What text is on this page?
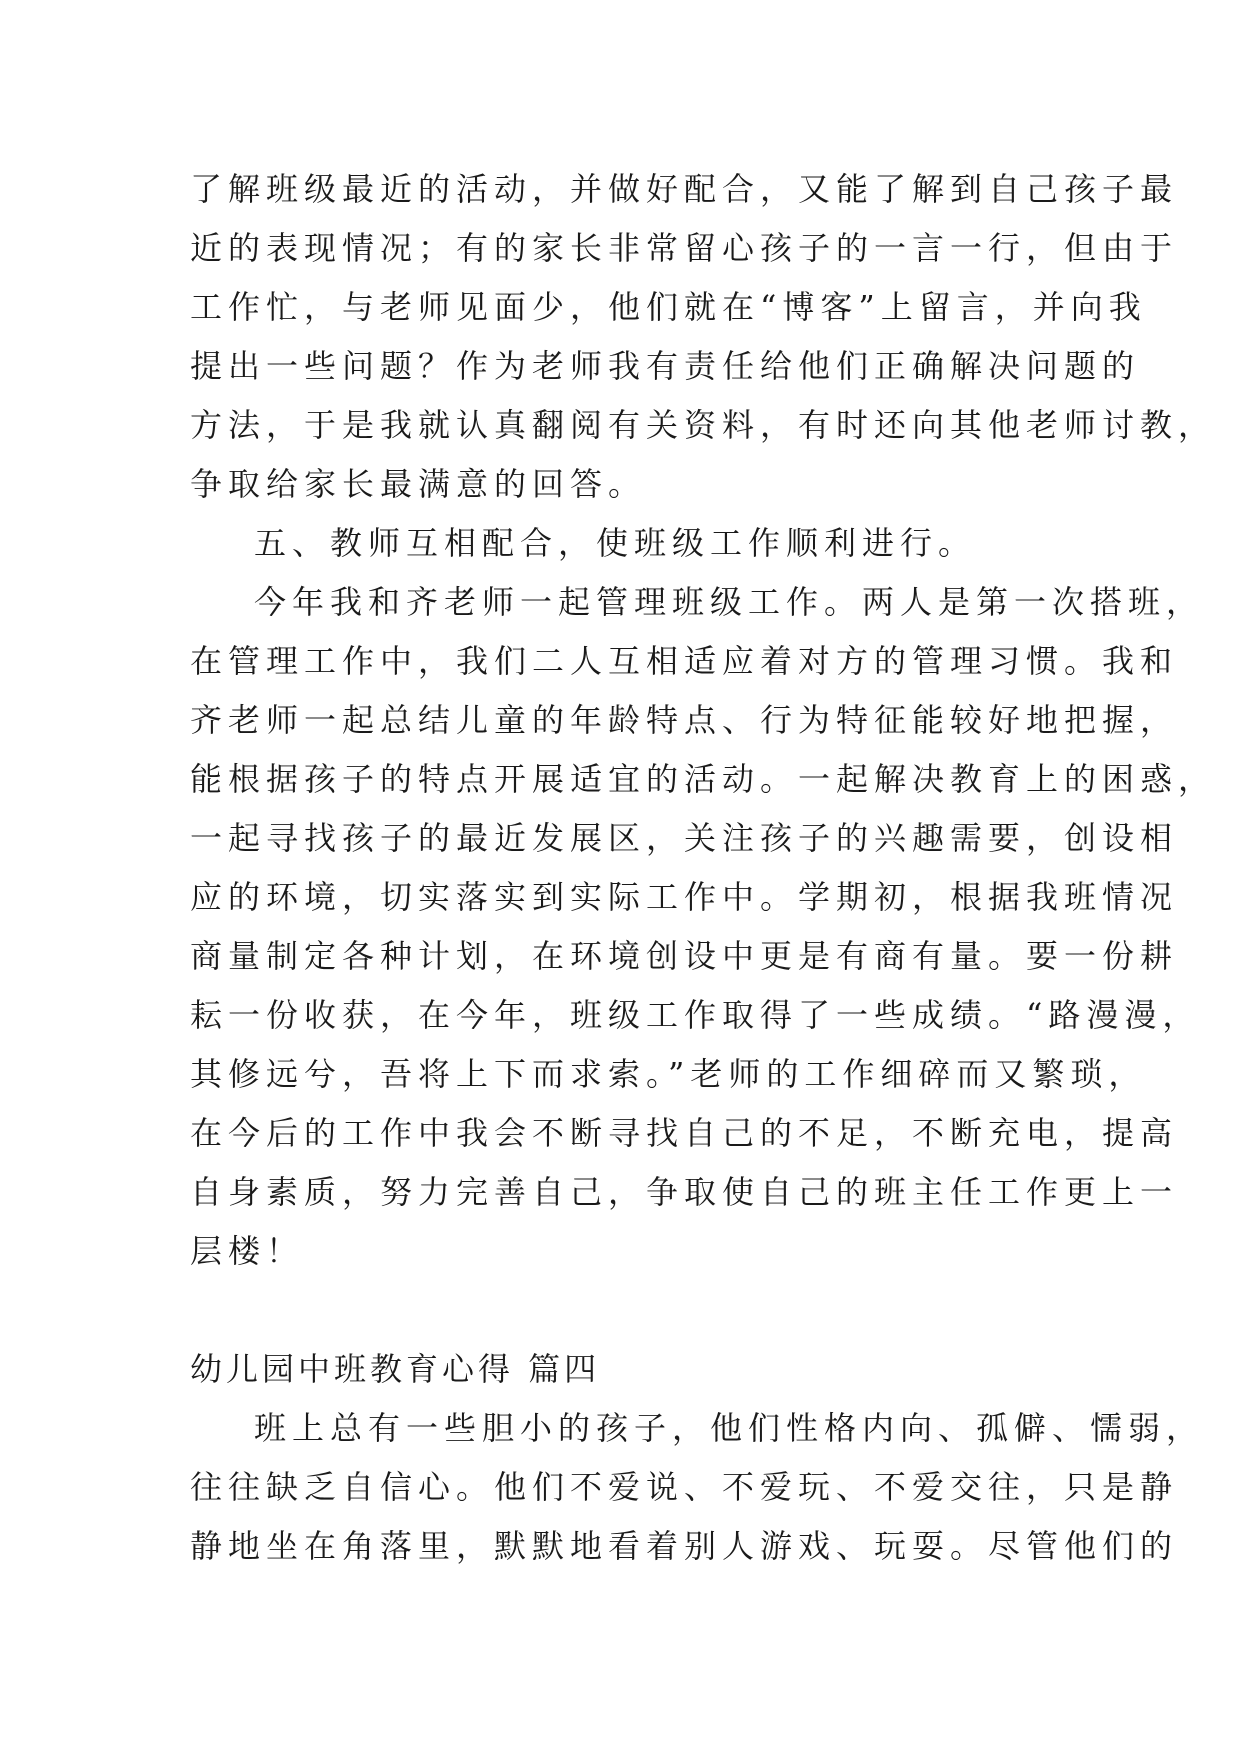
了解班级最近的活动，并做好配合，又能了解到自己孩子最
近的表现情况；有的家长非常留心孩子的一言一行，但由于
工作忙，与老师见面少，他们就在“博客”上留言，并向我
提出一些问题？作为老师我有责任给他们正确解决问题的
方法，于是我就认真翻阅有关资料，有时还向其他老师讨教，
争取给家长最满意的回答。
五、教师互相配合，使班级工作顺利进行。
今年我和齐老师一起管理班级工作。两人是第一次搭班，
在管理工作中，我们二人互相适应着对方的管理习惯。我和
齐老师一起总结儿童的年龄特点、行为特征能较好地把握，
能根据孩子的特点开展适宜的活动。一起解决教育上的困惑，
一起寻找孩子的最近发展区，关注孩子的兴趣需要，创设相
应的环境，切实落实到实际工作中。学期初，根据我班情况
商量制定各种计划，在环境创设中更是有商有量。要一份耕
耘一份收获，在今年，班级工作取得了一些成绩。“路漫漫，
其修远兮，吾将上下而求索。”老师的工作细碎而又繁琐，
在今后的工作中我会不断寻找自己的不足，不断充电，提高
自身素质，努力完善自己，争取使自己的班主任工作更上一
层楼！
幼儿园中班教育心得 篇四
班上总有一些胆小的孩子，他们性格内向、孤僻、懦弱，
往往缺乏自信心。他们不爱说、不爱玩、不爱交往，只是静
静地坐在角落里，默默地看着别人游戏、玩耍。尽管他们的
